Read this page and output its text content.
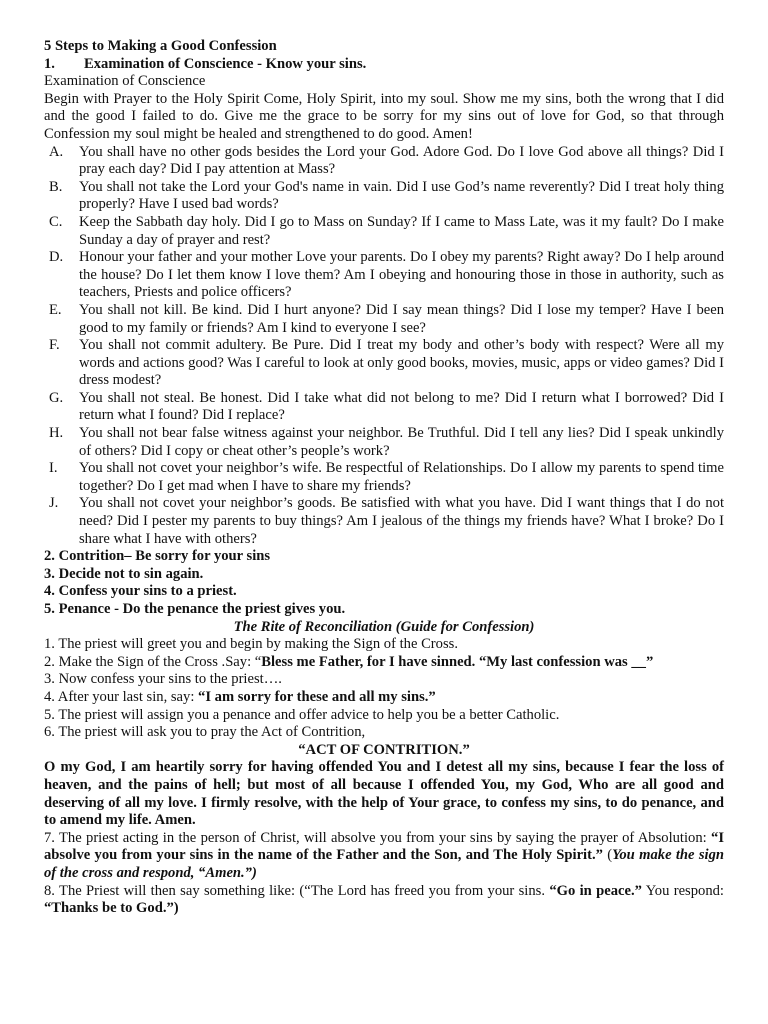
5 Steps to Making a Good Confession

1. Examination of Conscience - Know your sins.

Examination of Conscience

Begin with Prayer to the Holy Spirit Come, Holy Spirit, into my soul. Show me my sins, both the wrong that I did and the good I failed to do. Give me the grace to be sorry for my sins out of love for God, so that through Confession my soul might be healed and strengthened to do good. Amen!

A. You shall have no other gods besides the Lord your God. Adore God. Do I love God above all things? Did I pray each day? Did I pay attention at Mass?
B. You shall not take the Lord your God's name in vain. Did I use God’s name reverently? Did I treat holy thing properly? Have I used bad words?
C. Keep the Sabbath day holy. Did I go to Mass on Sunday? If I came to Mass Late, was it my fault? Do I make Sunday a day of prayer and rest?
D. Honour your father and your mother Love your parents. Do I obey my parents? Right away? Do I help around the house? Do I let them know I love them? Am I obeying and honouring those in those in authority, such as teachers, Priests and police officers?
E. You shall not kill. Be kind. Did I hurt anyone? Did I say mean things? Did I lose my temper? Have I been good to my family or friends? Am I kind to everyone I see?
F. You shall not commit adultery. Be Pure. Did I treat my body and other’s body with respect? Were all my words and actions good? Was I careful to look at only good books, movies, music, apps or video games? Did I dress modest?
G. You shall not steal. Be honest. Did I take what did not belong to me? Did I return what I borrowed? Did I return what I found? Did I replace?
H. You shall not bear false witness against your neighbor. Be Truthful. Did I tell any lies? Did I speak unkindly of others? Did I copy or cheat other’s people’s work?
I. You shall not covet your neighbor’s wife. Be respectful of Relationships. Do I allow my parents to spend time together? Do I get mad when I have to share my friends?
J. You shall not covet your neighbor’s goods. Be satisfied with what you have. Did I want things that I do not need? Did I pester my parents to buy things? Am I jealous of the things my friends have? What I broke? Do I share what I have with others?

2. Contrition– Be sorry for your sins

3. Decide not to sin again.

4. Confess your sins to a priest.

5. Penance - Do the penance the priest gives you.

The Rite of Reconciliation (Guide for Confession)

1. The priest will greet you and begin by making the Sign of the Cross.

2. Make the Sign of the Cross .Say: “Bless me Father, for I have sinned. “My last confession was __”

3. Now confess your sins to the priest….

4. After your last sin, say: “I am sorry for these and all my sins.”

5. The priest will assign you a penance and offer advice to help you be a better Catholic.

6. The priest will ask you to pray the Act of Contrition,

“ACT OF CONTRITION.”

O my God, I am heartily sorry for having offended You and I detest all my sins, because I fear the loss of heaven, and the pains of hell; but most of all because I offended You, my God, Who are all good and deserving of all my love. I firmly resolve, with the help of Your grace, to confess my sins, to do penance, and to amend my life. Amen.

7. The priest acting in the person of Christ, will absolve you from your sins by saying the prayer of Absolution: “I absolve you from your sins in the name of the Father and the Son, and The Holy Spirit.” (You make the sign of the cross and respond, “Amen.”)

8. The Priest will then say something like: (“The Lord has freed you from your sins. “Go in peace.” You respond: “Thanks be to God.”)
